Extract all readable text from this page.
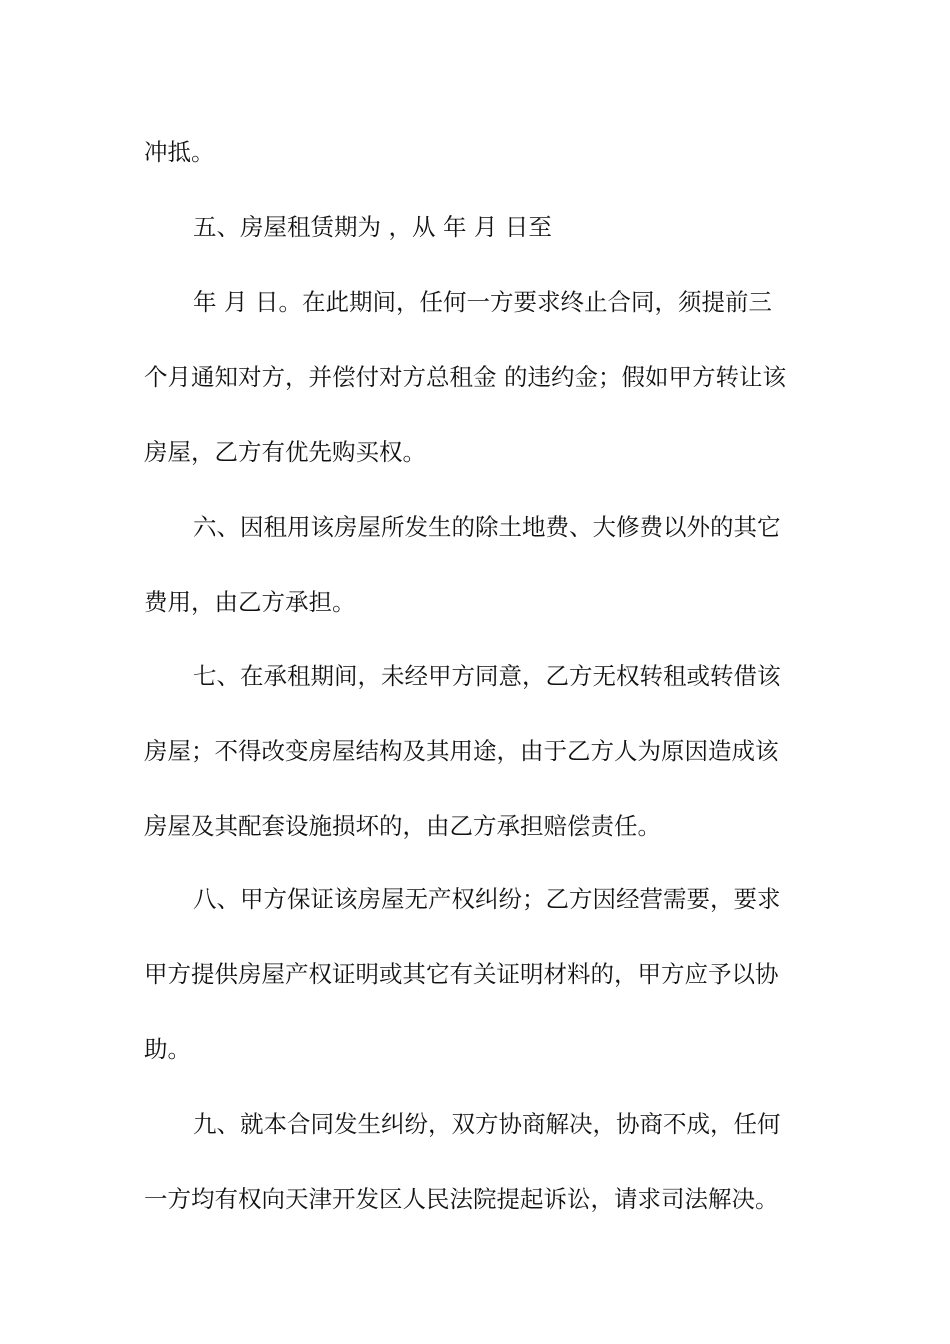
冲抵。

五、房屋租赁期为 ，从 年 月 日至

年 月 日。在此期间，任何一方要求终止合同，须提前三

个月通知对方，并偿付对方总租金 的违约金；假如甲方转让该

房屋，乙方有优先购买权。

六、因租用该房屋所发生的除土地费、大修费以外的其它

费用，由乙方承担。

七、在承租期间，未经甲方同意，乙方无权转租或转借该

房屋；不得改变房屋结构及其用途，由于乙方人为原因造成该

房屋及其配套设施损坏的，由乙方承担赔偿责任。

八、甲方保证该房屋无产权纠纷；乙方因经营需要，要求

甲方提供房屋产权证明或其它有关证明材料的，甲方应予以协

助。

九、就本合同发生纠纷，双方协商解决，协商不成，任何

一方均有权向天津开发区人民法院提起诉讼，请求司法解决。
